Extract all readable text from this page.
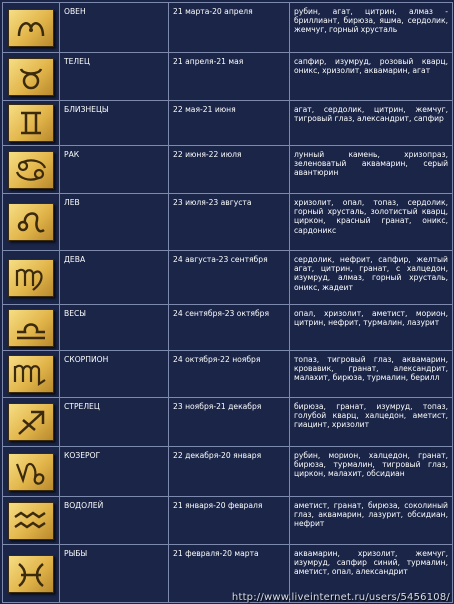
	ОВЕН	21 марта-20 апреля	рубин, агат, цитрин, алмаз - бриллиант, бирюза, яшма, сердолик, жемчуг, горный хрусталь

	ТЕЛЕЦ	21 апреля-21 мая	сапфир, изумруд, розовый кварц, оникс, хризолит, аквамарин, агат

	БЛИЗНЕЦЫ	22 мая-21 июня	агат, сердолик, цитрин, жемчуг, тигровый глаз, александрит, сапфир

	РАК	22 июня-22 июля	лунный камень, хризопраз, зеленоватый аквамарин, серый авантюрин

	ЛЕВ	23 июля-23 августа	хризолит, опал, топаз, сердолик, горный хрусталь, золотистый кварц, циркон, красный гранат, оникс, сардоникс

	ДЕВА	24 августа-23 сентября	сердолик, нефрит, сапфир, желтый агат, цитрин, гранат, с халцедон, изумруд, алмаз, горный хрусталь, оникс, жадеит

	ВЕСЫ	24 сентября-23 октября	опал, хризолит, аметист, морион, цитрин, нефрит, турмалин, лазурит

	СКОРПИОН	24 октября-22 ноября	топаз, тигровый глаз, аквамарин, кровавик, гранат, александрит, малахит, бирюза, турмалин, берилл

	СТРЕЛЕЦ	23 ноября-21 декабря	бирюза, гранат, изумруд, топаз, голубой кварц, халцедон, аметист, гиацинт, хризолит

	КОЗЕРОГ	22 декабря-20 января	рубин, морион, халцедон, гранат, бирюза, турмалин, тигровый глаз, циркон, малахит, обсидиан

	ВОДОЛЕЙ	21 января-20 февраля	аметист, гранат, бирюза, соколиный глаз, аквамарин, лазурит, обсидиан, нефрит

	РЫБЫ	21 февраля-20 марта	аквамарин, хризолит, жемчуг, изумруд, сапфир синий, турмалин, аметист, опал, александрит
http://www.liveinternet.ru/users/5456108/
